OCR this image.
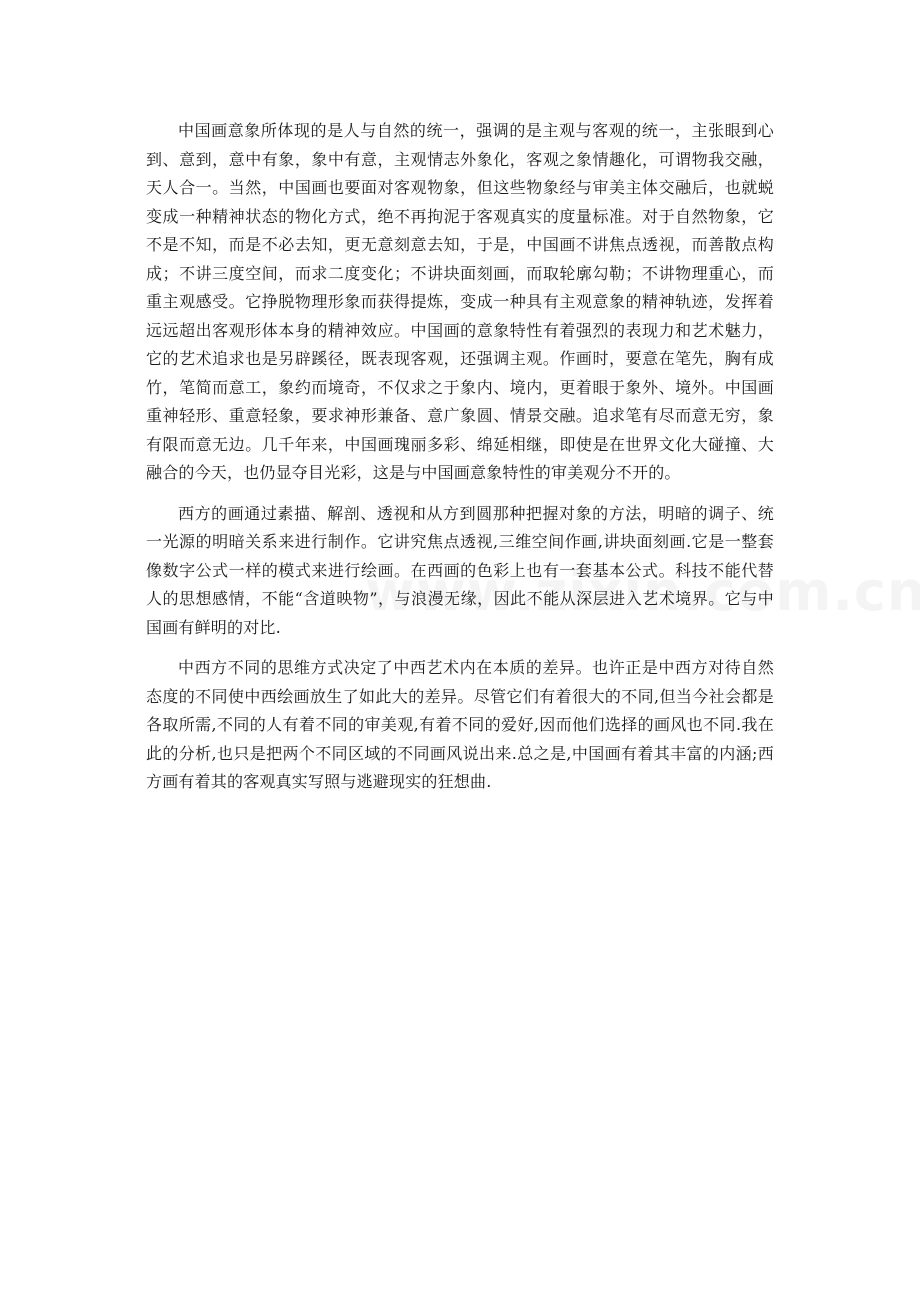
中国画意象所体现的是人与自然的统一，强调的是主观与客观的统一，主张眼到心到、意到，意中有象，象中有意，主观情志外象化，客观之象情趣化，可谓物我交融，天人合一。当然，中国画也要面对客观物象，但这些物象经与审美主体交融后，也就蜕变成一种精神状态的物化方式，绝不再拘泥于客观真实的度量标准。对于自然物象，它不是不知，而是不必去知，更无意刻意去知，于是，中国画不讲焦点透视，而善散点构成；不讲三度空间，而求二度变化；不讲块面刻画，而取轮廓勾勒；不讲物理重心，而重主观感受。它挣脱物理形象而获得提炼，变成一种具有主观意象的精神轨迹，发挥着远远超出客观形体本身的精神效应。中国画的意象特性有着强烈的表现力和艺术魅力，它的艺术追求也是另辟蹊径，既表现客观，还强调主观。作画时，要意在笔先，胸有成竹，笔简而意工，象约而境奇，不仅求之于象内、境内，更着眼于象外、境外。中国画重神轻形、重意轻象，要求神形兼备、意广象圆、情景交融。追求笔有尽而意无穷，象有限而意无边。几千年来，中国画瑰丽多彩、绵延相继，即使是在世界文化大碰撞、大融合的今天，也仍显夺目光彩，这是与中国画意象特性的审美观分不开的。

西方的画通过素描、解剖、透视和从方到圆那种把握对象的方法，明暗的调子、统一光源的明暗关系来进行制作。它讲究焦点透视,三维空间作画,讲块面刻画.它是一整套像数字公式一样的模式来进行绘画。在西画的色彩上也有一套基本公式。科技不能代替人的思想感情，不能“含道映物”，与浪漫无缘，因此不能从深层进入艺术境界。它与中国画有鲜明的对比.

中西方不同的思维方式决定了中西艺术内在本质的差异。也许正是中西方对待自然态度的不同使中西绘画放生了如此大的差异。尽管它们有着很大的不同,但当今社会都是各取所需,不同的人有着不同的审美观,有着不同的爱好,因而他们选择的画风也不同.我在此的分析,也只是把两个不同区域的不同画风说出来.总之是,中国画有着其丰富的内涵;西方画有着其的客观真实写照与逃避现实的狂想曲.
